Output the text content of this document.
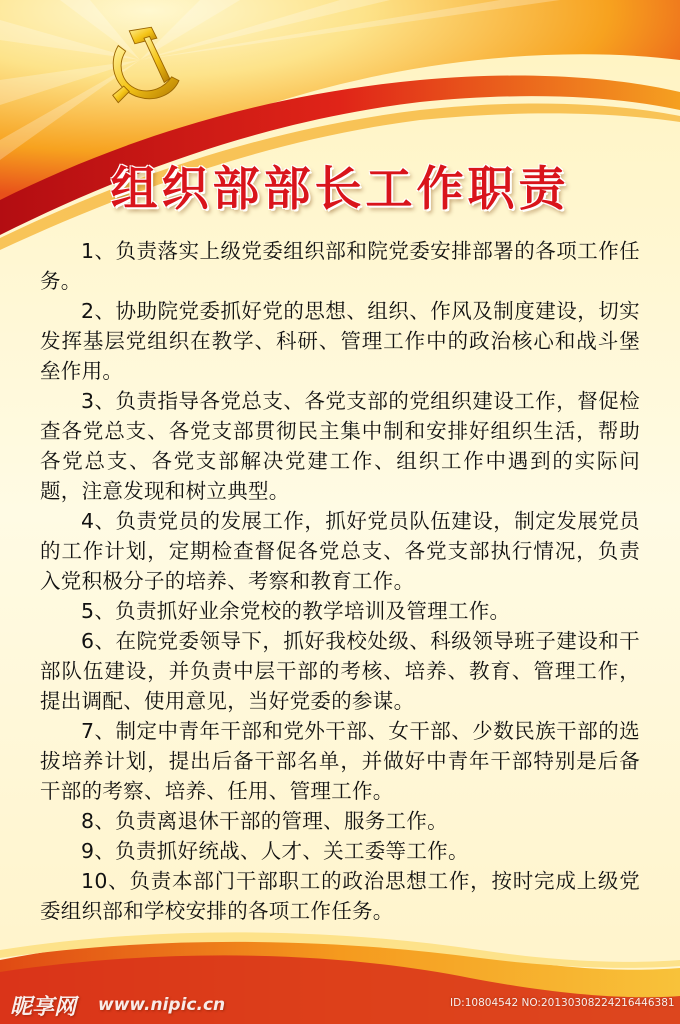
组织部部长工作职责

1、负责落实上级党委组织部和院党委安排部署的各项工作任务。

2、协助院党委抓好党的思想、组织、作风及制度建设，切实发挥基层党组织在教学、科研、管理工作中的政治核心和战斗堡垒作用。

3、负责指导各党总支、各党支部的党组织建设工作，督促检查各党总支、各党支部贯彻民主集中制和安排好组织生活，帮助各党总支、各党支部解决党建工作、组织工作中遇到的实际问题，注意发现和树立典型。

4、负责党员的发展工作，抓好党员队伍建设，制定发展党员的工作计划，定期检查督促各党总支、各党支部执行情况，负责入党积极分子的培养、考察和教育工作。

5、负责抓好业余党校的教学培训及管理工作。

6、在院党委领导下，抓好我校处级、科级领导班子建设和干部队伍建设，并负责中层干部的考核、培养、教育、管理工作，提出调配、使用意见，当好党委的参谋。

7、制定中青年干部和党外干部、女干部、少数民族干部的选拔培养计划，提出后备干部名单，并做好中青年干部特别是后备干部的考察、培养、任用、管理工作。

8、负责离退休干部的管理、服务工作。

9、负责抓好统战、人才、关工委等工作。

10、负责本部门干部职工的政治思想工作，按时完成上级党委组织部和学校安排的各项工作任务。

昵享网 www.nipic.cn	ID:10804542 NO:20130308224216446381
